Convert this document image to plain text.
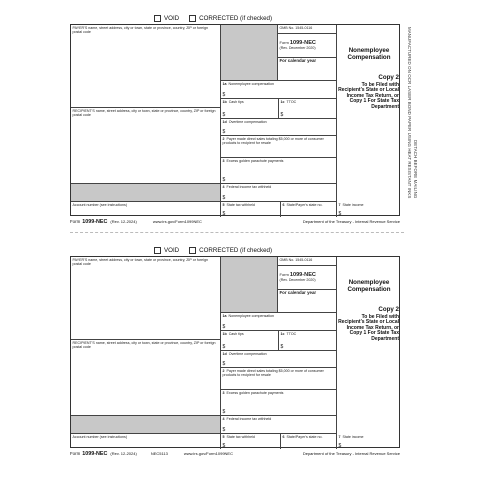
DETACH BEFORE MAILING
MANUFACTURED ON OCR LASER BOND PAPER USING HEAT RESISTANT INKS
VOID	CORRECTED (if checked)
PAYER'S name, street address, city or town, state or province, country, ZIP or foreign postal code
OMB No. 1545-0116
Form 1099-NEC
(Rev. December 2020)
For calendar year
Nonemployee Compensation
1a Nonemployee compensation
$
Copy 2
To be Filed with Recipient's State or Local Income Tax Return, or Copy 1 For State Tax Department
1b Cash tips
$
1c TTOC
$
RECIPIENT'S name, street address, city or town, state or province, country, ZIP or foreign postal code
1d Overtime compensation
$
2 Payer made direct sales totaling $5,000 or more of consumer products to recipient for resale
3 Excess golden parachute payments
$
4 Federal income tax withheld
$
Account number (see instructions)	5 State tax withheld
$
6 State/Payer's state no.	7 State income
$
Form 1099-NEC (Rev. 12-2024)	www.irs.gov/Form1099NEC	Department of the Treasury - Internal Revenue Service
VOID	CORRECTED (if checked)
PAYER'S name, street address, city or town, state or province, country, ZIP or foreign postal code
OMB No. 1545-0116
Form 1099-NEC
(Rev. December 2020)
For calendar year
Nonemployee Compensation
1a Nonemployee compensation
$
Copy 2
To be Filed with Recipient's State or Local Income Tax Return, or Copy 1 For State Tax Department
1b Cash tips
$
1c TTOC
$
RECIPIENT'S name, street address, city or town, state or province, country, ZIP or foreign postal code
1d Overtime compensation
$
2 Payer made direct sales totaling $5,000 or more of consumer products to recipient for resale
3 Excess golden parachute payments
$
4 Federal income tax withheld
$
Account number (see instructions)	5 State tax withheld
$
6 State/Payer's state no.	7 State income
$
Form 1099-NEC (Rev. 12-2024)	NEC5113	www.irs.gov/Form1099NEC	Department of the Treasury - Internal Revenue Service
